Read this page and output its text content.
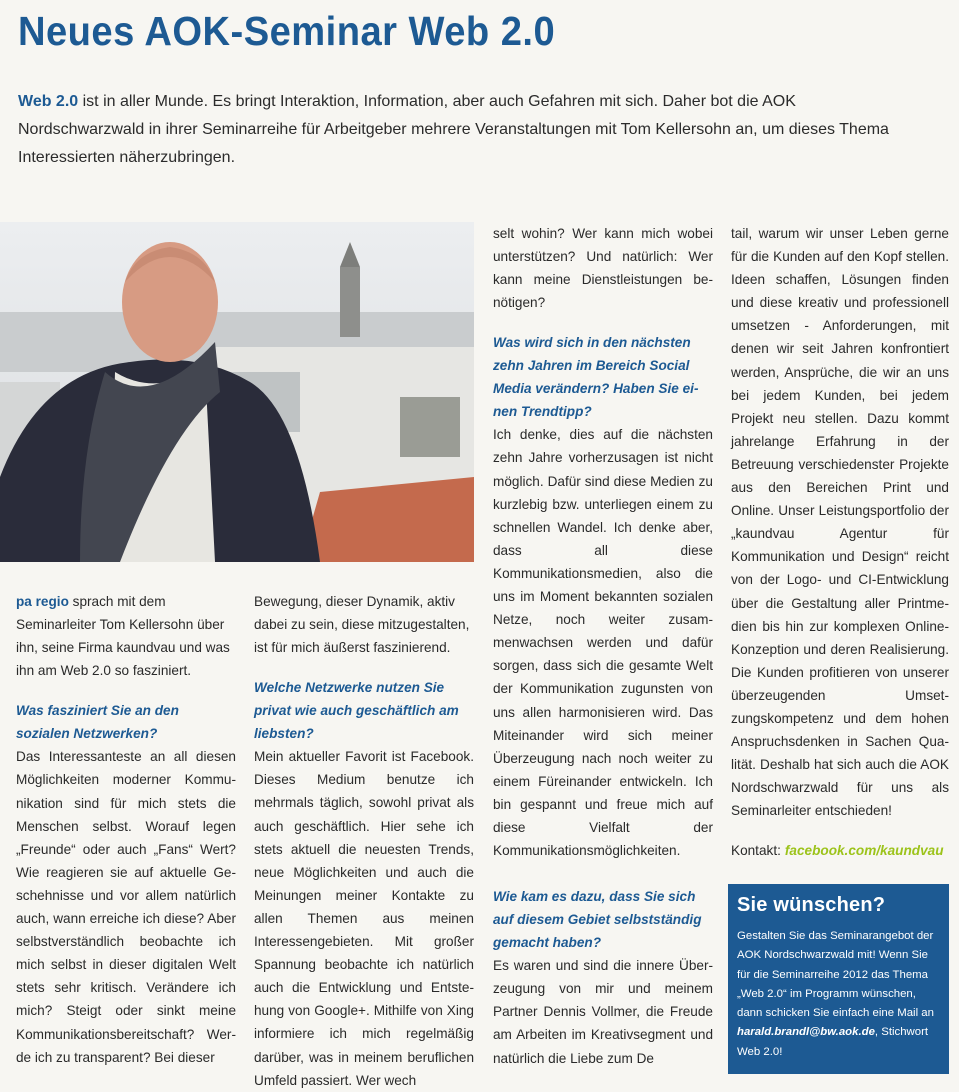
Neues AOK-Seminar Web 2.0
Web 2.0 ist in aller Munde. Es bringt Interaktion, Information, aber auch Gefahren mit sich. Daher bot die AOK Nordschwarzwald in ihrer Seminarreihe für Arbeitgeber mehrere Veranstaltungen mit Tom Kellersohn an, um dieses Thema Interessierten näherzubringen.

pa regio sprach mit dem Seminarleiter Tom Kellersohn über ihn, seine Firma kaundvau und was ihn am Web 2.0 so fasziniert.

Was fasziniert Sie an den sozialen Netzwerken?

Das Interessanteste an all diesen Möglichkeiten moderner Kommunikation sind für mich stets die Menschen selbst. Worauf legen „Freunde“ oder auch „Fans“ Wert? Wie reagieren sie auf aktuelle Geschehnisse und vor allem natürlich auch, wann erreiche ich diese? Aber selbstverständlich beobachte ich mich selbst in dieser digitalen Welt stets sehr kritisch. Verändere ich mich? Steigt oder sinkt meine Kommunikationsbereitschaft? Werde ich zu transparent? Bei dieser

Bewegung, dieser Dynamik, aktiv dabei zu sein, diese mitzugestalten, ist für mich äußerst faszinierend.

Welche Netzwerke nutzen Sie privat wie auch geschäftlich am liebsten?

Mein aktueller Favorit ist Facebook. Dieses Medium benutze ich mehrmals täglich, sowohl privat als auch geschäftlich. Hier sehe ich stets aktuell die neuesten Trends, neue Möglichkeiten und auch die Meinungen meiner Kontakte zu allen Themen aus meinen Interessengebieten. Mit großer Spannung beobachte ich natürlich auch die Entwicklung und Entstehung von Google+. Mithilfe von Xing informiere ich mich regelmäßig darüber, was in meinem beruflichen Umfeld passiert. Wer wech

selt wohin? Wer kann mich wobei unterstützen? Und natürlich: Wer kann meine Dienstleistungen benötigen?

Was wird sich in den nächsten zehn Jahren im Bereich Social Media verändern? Haben Sie einen Trendtipp?

Ich denke, dies auf die nächsten zehn Jahre vorherzusagen ist nicht möglich. Dafür sind diese Medien zu kurzlebig bzw. unterliegen einem zu schnellen Wandel. Ich denke aber, dass all diese Kommunikationsmedien, also die uns im Moment bekannten sozialen Netze, noch weiter zusammenwachsen werden und dafür sorgen, dass sich die gesamte Welt der Kommunikation zugunsten von uns allen harmonisieren wird. Das Miteinander wird sich meiner Überzeugung nach noch weiter zu einem Füreinander entwickeln. Ich bin gespannt und freue mich auf diese Vielfalt der Kommunikationsmöglichkeiten.

Wie kam es dazu, dass Sie sich auf diesem Gebiet selbstständig gemacht haben?

Es waren und sind die innere Überzeugung von mir und meinem Partner Dennis Vollmer, die Freude am Arbeiten im Kreativsegment und natürlich die Liebe zum De

tail, warum wir unser Leben gerne für die Kunden auf den Kopf stellen. Ideen schaffen, Lösungen finden und diese kreativ und professionell umsetzen - Anforderungen, mit denen wir seit Jahren konfrontiert werden, Ansprüche, die wir an uns bei jedem Kunden, bei jedem Projekt neu stellen. Dazu kommt jahrelange Erfahrung in der Betreuung verschiedenster Projekte aus den Bereichen Print und Online. Unser Leistungsportfolio der „kaundvau Agentur für Kommunikation und Design“ reicht von der Logo- und CI-Entwicklung über die Gestaltung aller Printmedien bis hin zur komplexen Online-Konzeption und deren Realisierung. Die Kunden profitieren von unserer überzeugenden Umsetzungskompetenz und dem hohen Anspruchsdenken in Sachen Qualität. Deshalb hat sich auch die AOK Nordschwarzwald für uns als Seminarleiter entschieden!

Kontakt: facebook.com/kaundvau
Sie wünschen?

Gestalten Sie das Seminarangebot der AOK Nordschwarzwald mit! Wenn Sie für die Seminarreihe 2012 das Thema „Web 2.0“ im Programm wünschen, dann schicken Sie einfach eine Mail an harald.brandl@bw.aok.de, Stichwort Web 2.0!
